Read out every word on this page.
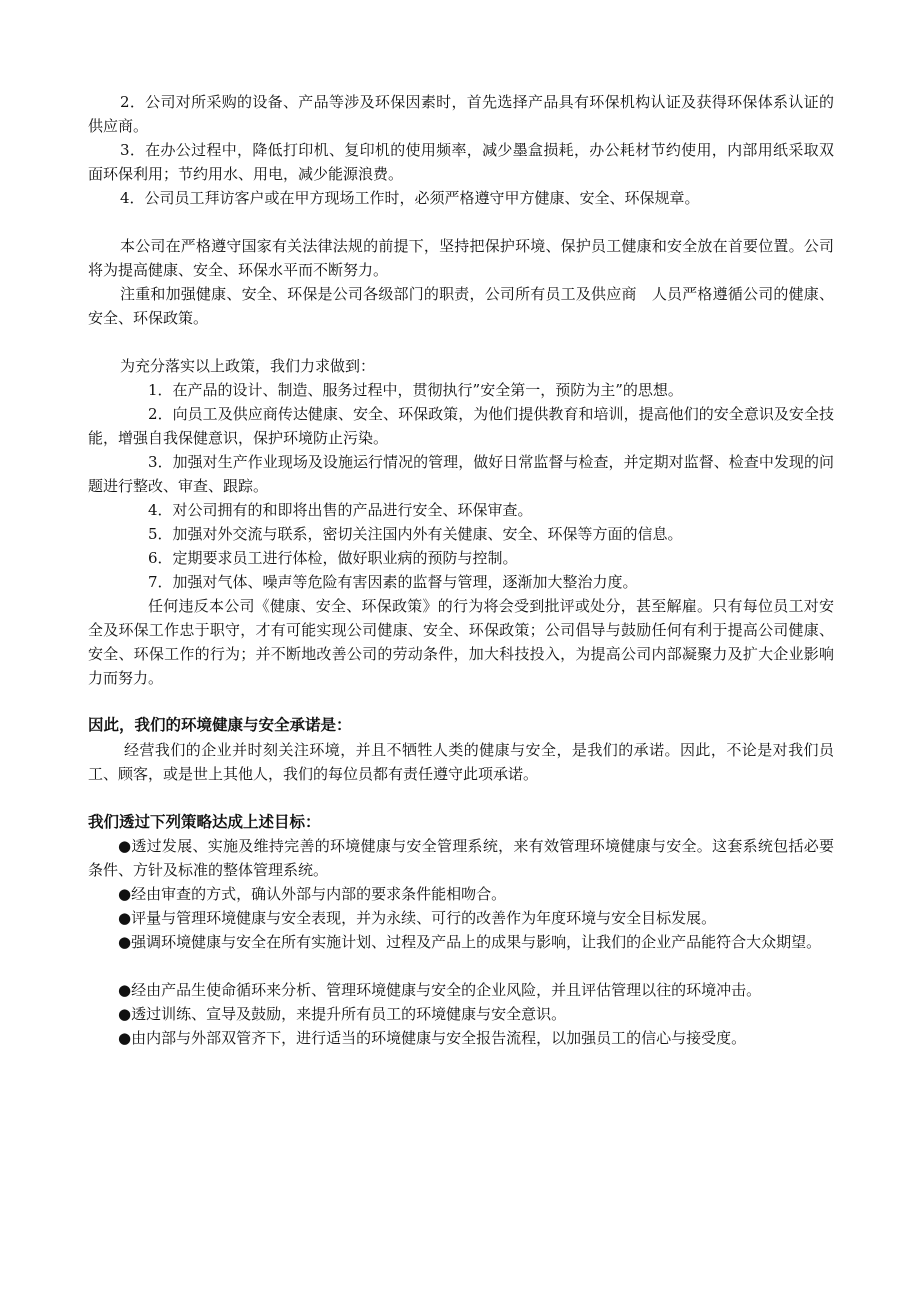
2．公司对所采购的设备、产品等涉及环保因素时，首先选择产品具有环保机构认证及获得环保体系认证的供应商。

3．在办公过程中，降低打印机、复印机的使用频率，减少墨盒损耗，办公耗材节约使用，内部用纸采取双面环保利用；节约用水、用电，减少能源浪费。

4．公司员工拜访客户或在甲方现场工作时，必须严格遵守甲方健康、安全、环保规章。

本公司在严格遵守国家有关法律法规的前提下，坚持把保护环境、保护员工健康和安全放在首要位置。公司将为提高健康、安全、环保水平而不断努力。

注重和加强健康、安全、环保是公司各级部门的职责，公司所有员工及供应商　人员严格遵循公司的健康、安全、环保政策。

为充分落实以上政策，我们力求做到：

1．在产品的设计、制造、服务过程中，贯彻执行”安全第一，预防为主”的思想。

2．向员工及供应商传达健康、安全、环保政策，为他们提供教育和培训，提高他们的安全意识及安全技能，增强自我保健意识，保护环境防止污染。

3．加强对生产作业现场及设施运行情况的管理，做好日常监督与检查，并定期对监督、检查中发现的问题进行整改、审查、跟踪。

4．对公司拥有的和即将出售的产品进行安全、环保审查。

5．加强对外交流与联系，密切关注国内外有关健康、安全、环保等方面的信息。

6．定期要求员工进行体检，做好职业病的预防与控制。

7．加强对气体、噪声等危险有害因素的监督与管理，逐渐加大整治力度。

任何违反本公司《健康、安全、环保政策》的行为将会受到批评或处分，甚至解雇。只有每位员工对安全及环保工作忠于职守，才有可能实现公司健康、安全、环保政策；公司倡导与鼓励任何有利于提高公司健康、安全、环保工作的行为；并不断地改善公司的劳动条件，加大科技投入，为提高公司内部凝聚力及扩大企业影响力而努力。

因此，我们的环境健康与安全承诺是：

经营我们的企业并时刻关注环境，并且不牺牲人类的健康与安全，是我们的承诺。因此，不论是对我们员工、顾客，或是世上其他人，我们的每位员都有责任遵守此项承诺。

我们透过下列策略达成上述目标：

●透过发展、实施及维持完善的环境健康与安全管理系统，来有效管理环境健康与安全。这套系统包括必要条件、方针及标准的整体管理系统。

●经由审查的方式，确认外部与内部的要求条件能相吻合。

●评量与管理环境健康与安全表现，并为永续、可行的改善作为年度环境与安全目标发展。

●强调环境健康与安全在所有实施计划、过程及产品上的成果与影响，让我们的企业产品能符合大众期望。

●经由产品生使命循环来分析、管理环境健康与安全的企业风险，并且评估管理以往的环境冲击。

●透过训练、宣导及鼓励，来提升所有员工的环境健康与安全意识。

●由内部与外部双管齐下，进行适当的环境健康与安全报告流程，以加强员工的信心与接受度。
